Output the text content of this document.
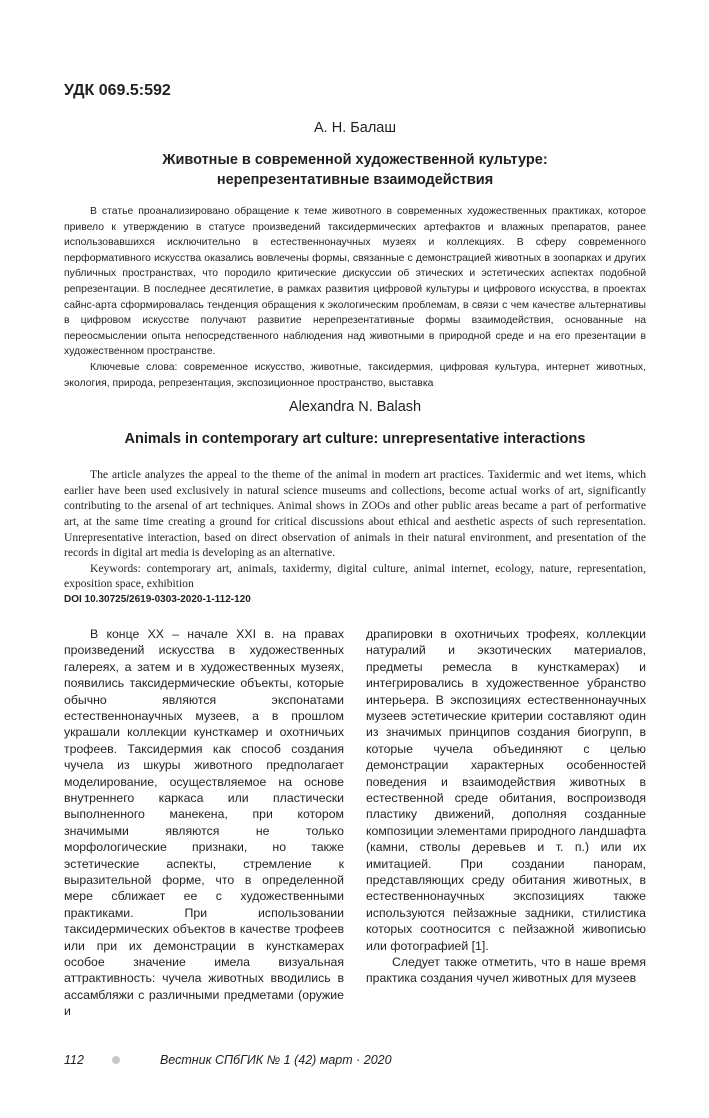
УДК 069.5:592
А. Н. Балаш
Животные в современной художественной культуре:
нерепрезентативные взаимодействия

В статье проанализировано обращение к теме животного в современных художественных практиках, которое привело к утверждению в статусе произведений таксидермических артефактов и влажных препаратов, ранее использовавшихся исключительно в естественнонаучных музеях и коллекциях. В сферу современного перформативного искусства оказались вовлечены формы, связанные с демонстрацией животных в зоопарках и других публичных пространствах, что породило критические дискуссии об этических и эстетических аспектах подобной репрезентации. В последнее десятилетие, в рамках развития цифровой культуры и цифрового искусства, в проектах сайнс-арта сформировалась тенденция обращения к экологическим проблемам, в связи с чем качестве альтернативы в цифровом искусстве получают развитие нерепрезентативные формы взаимодействия, основанные на переосмыслении опыта непосредственного наблюдения над животными в природной среде и на его презентации в художественном пространстве.

Ключевые слова: современное искусство, животные, таксидермия, цифровая культура, интернет животных, экология, природа, репрезентация, экспозиционное пространство, выставка

Alexandra N. Balash
Animals in contemporary art culture: unrepresentative interactions

The article analyzes the appeal to the theme of the animal in modern art practices. Taxidermic and wet items, which earlier have been used exclusively in natural science museums and collections, become actual works of art, significantly contributing to the arsenal of art techniques. Animal shows in ZOOs and other public areas became a part of performative art, at the same time creating a ground for critical discussions about ethical and aesthetic aspects of such representation. Unrepresentative interaction, based on direct observation of animals in their natural environment, and presentation of the records in digital art media is developing as an alternative.

Keywords: contemporary art, animals, taxidermy, digital culture, animal internet, ecology, nature, representation, exposition space, exhibition

DOI 10.30725/2619-0303-2020-1-112-120

В конце XX – начале XXI в. на правах произведений искусства в художественных галереях, а затем и в художественных музеях, появились таксидермические объекты, которые обычно являются экспонатами естественнонаучных музеев, а в прошлом украшали коллекции кунсткамер и охотничьих трофеев. Таксидермия как способ создания чучела из шкуры животного предполагает моделирование, осуществляемое на основе внутреннего каркаса или пластически выполненного манекена, при котором значимыми являются не только морфологические признаки, но также эстетические аспекты, стремление к выразительной форме, что в определенной мере сближает ее с художественными практиками. При использовании таксидермических объектов в качестве трофеев или при их демонстрации в кунсткамерах особое значение имела визуальная аттрактивность: чучела животных вводились в ассамбляжи с различными предметами (оружие и

драпировки в охотничьих трофеях, коллекции натуралий и экзотических материалов, предметы ремесла в кунсткамерах) и интегрировались в художественное убранство интерьера. В экспозициях естественнонаучных музеев эстетические критерии составляют один из значимых принципов создания биогрупп, в которые чучела объединяют с целью демонстрации характерных особенностей поведения и взаимодействия животных в естественной среде обитания, воспроизводя пластику движений, дополняя созданные композиции элементами природного ландшафта (камни, стволы деревьев и т. п.) или их имитацией. При создании панорам, представляющих среду обитания животных, в естественнонаучных экспозициях также используются пейзажные задники, стилистика которых соотносится с пейзажной живописью или фотографией [1].

Следует также отметить, что в наше время практика создания чучел животных для музеев

112	Вестник СПбГИК № 1 (42) март · 2020
